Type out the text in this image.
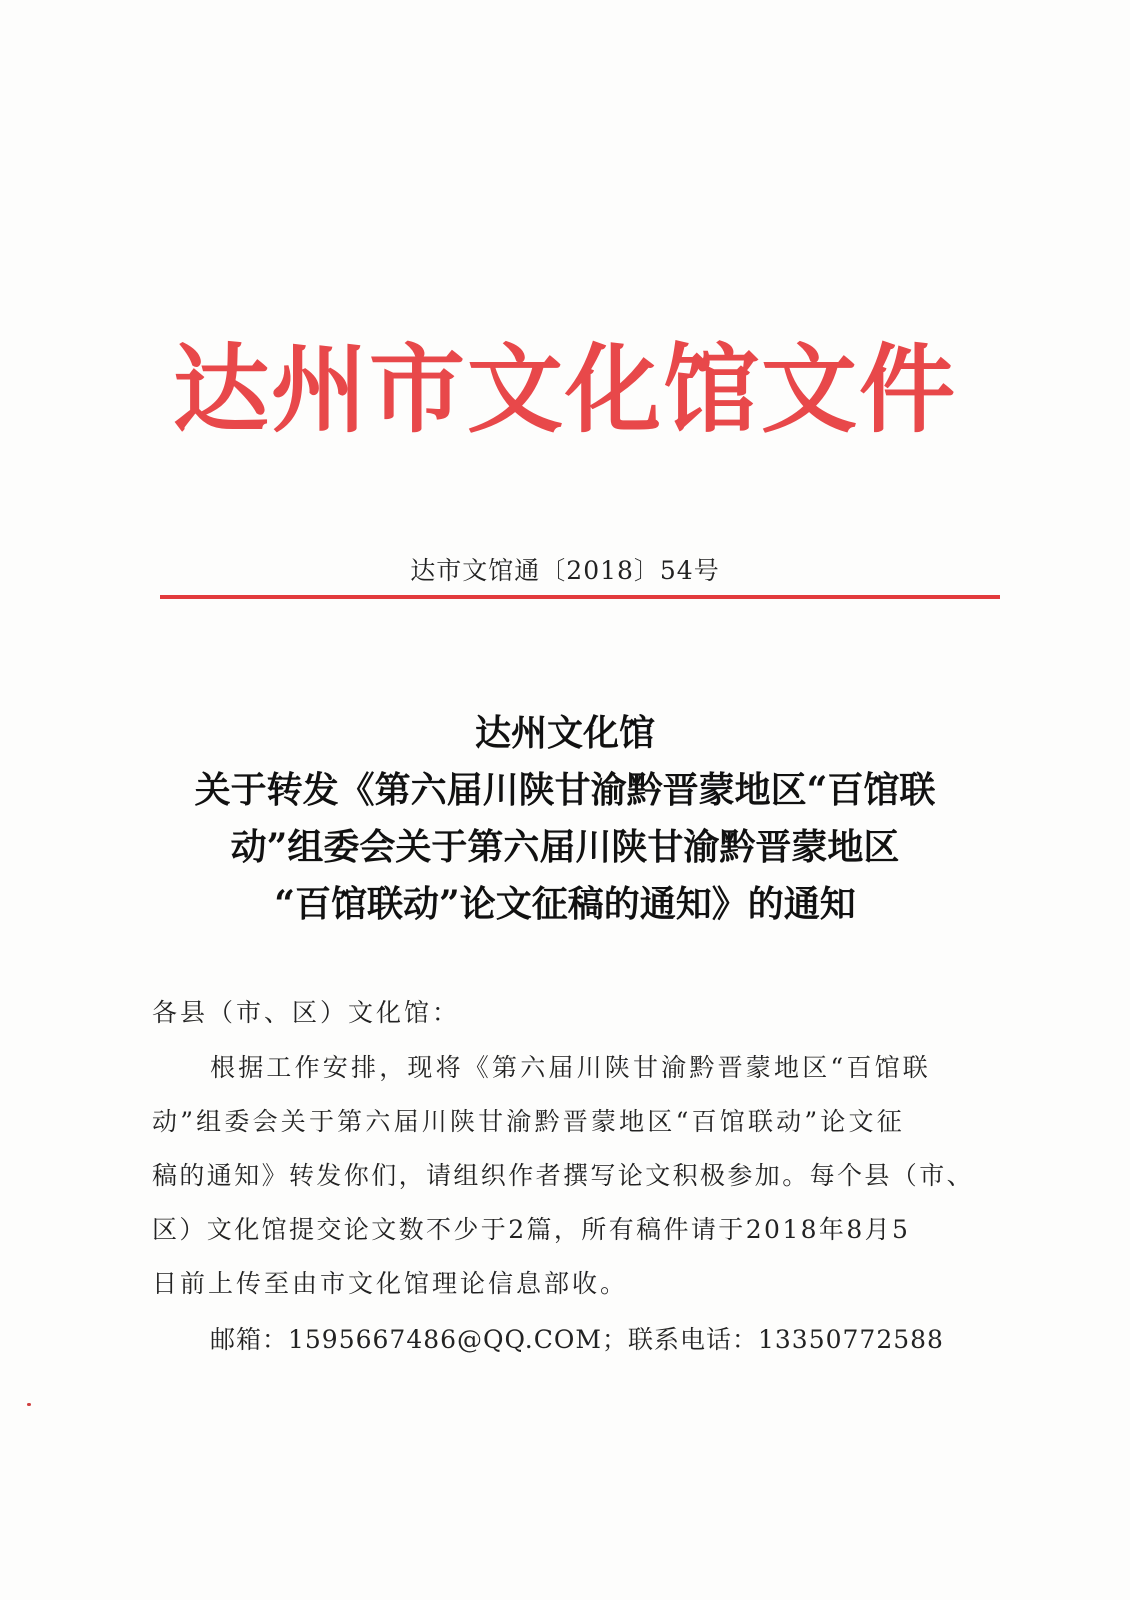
达州市文化馆文件
达市文馆通〔2018〕54号
达州文化馆
关于转发《第六届川陕甘渝黔晋蒙地区“百馆联
动”组委会关于第六届川陕甘渝黔晋蒙地区
“百馆联动”论文征稿的通知》的通知
各县（市、区）文化馆：
根据工作安排，现将《第六届川陕甘渝黔晋蒙地区“百馆联
动”组委会关于第六届川陕甘渝黔晋蒙地区“百馆联动”论文征
稿的通知》转发你们，请组织作者撰写论文积极参加。每个县（市、
区）文化馆提交论文数不少于2篇，所有稿件请于2018年8月5
日前上传至由市文化馆理论信息部收。
邮箱：1595667486@QQ.COM；联系电话：13350772588
